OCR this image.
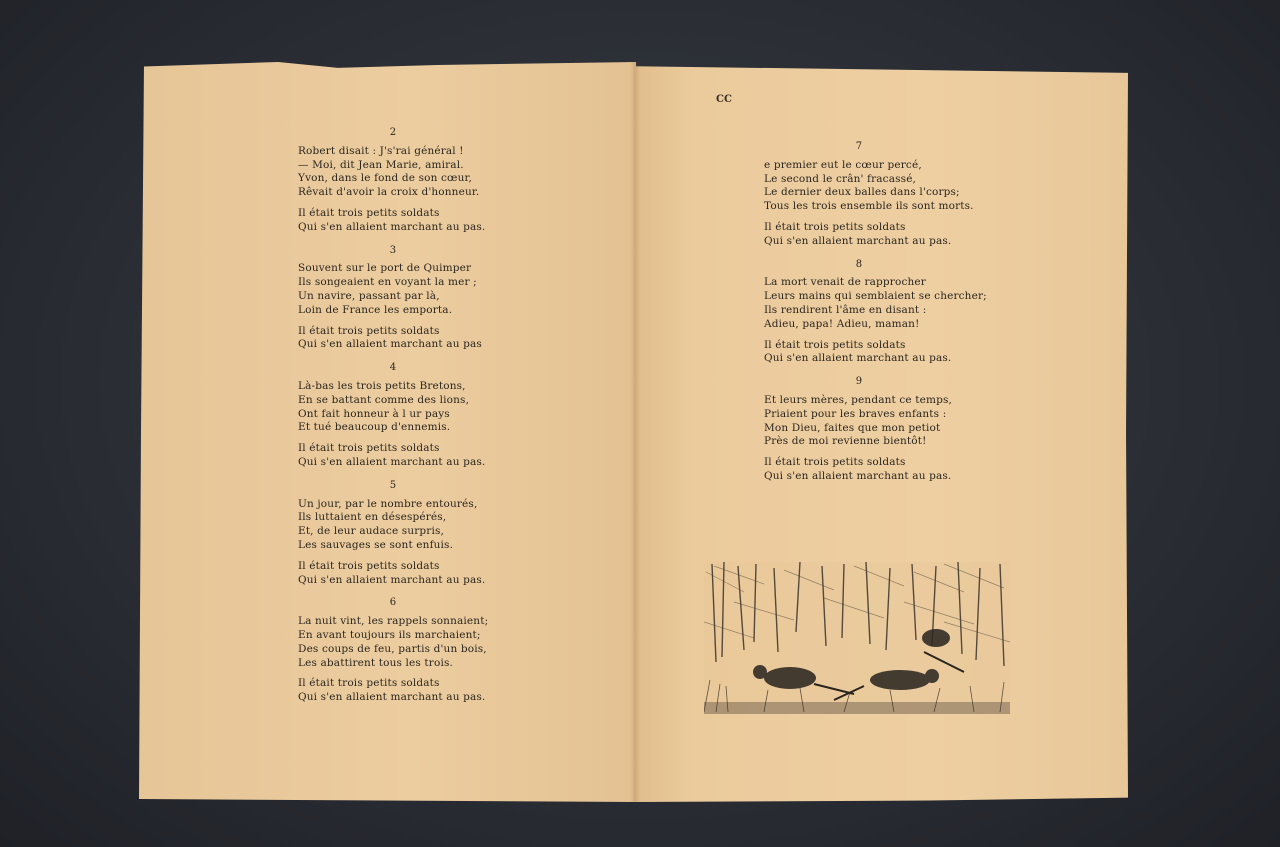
CC
2
Robert disait : J's'rai général !
— Moi, dit Jean Marie, amiral.
Yvon, dans le fond de son cœur,
Rêvait d'avoir la croix d'honneur.
Il était trois petits soldats
Qui s'en allaient marchant au pas.
3
Souvent sur le port de Quimper
Ils songeaient en voyant la mer ;
Un navire, passant par là,
Loin de France les emporta.
Il était trois petits soldats
Qui s'en allaient marchant au pas
4
Là-bas les trois petits Bretons,
En se battant comme des lions,
Ont fait honneur à l ur pays
Et tué beaucoup d'ennemis.
Il était trois petits soldats
Qui s'en allaient marchant au pas.
5
Un jour, par le nombre entourés,
Ils luttaient en désespérés,
Et, de leur audace surpris,
Les sauvages se sont enfuis.
Il était trois petits soldats
Qui s'en allaient marchant au pas.
6
La nuit vint, les rappels sonnaient;
En avant toujours ils marchaient;
Des coups de feu, partis d'un bois,
Les abattirent tous les trois.
Il était trois petits soldats
Qui s'en allaient marchant au pas.
7
e premier eut le cœur percé,
Le second le crân' fracassé,
Le dernier deux balles dans l'corps;
Tous les trois ensemble ils sont morts.
Il était trois petits soldats
Qui s'en allaient marchant au pas.
8
La mort venait de rapprocher
Leurs mains qui semblaient se chercher;
Ils rendirent l'âme en disant :
Adieu, papa! Adieu, maman!
Il était trois petits soldats
Qui s'en allaient marchant au pas.
9
Et leurs mères, pendant ce temps,
Priaient pour les braves enfants :
Mon Dieu, faites que mon petiot
Près de moi revienne bientôt!
Il était trois petits soldats
Qui s'en allaient marchant au pas.
